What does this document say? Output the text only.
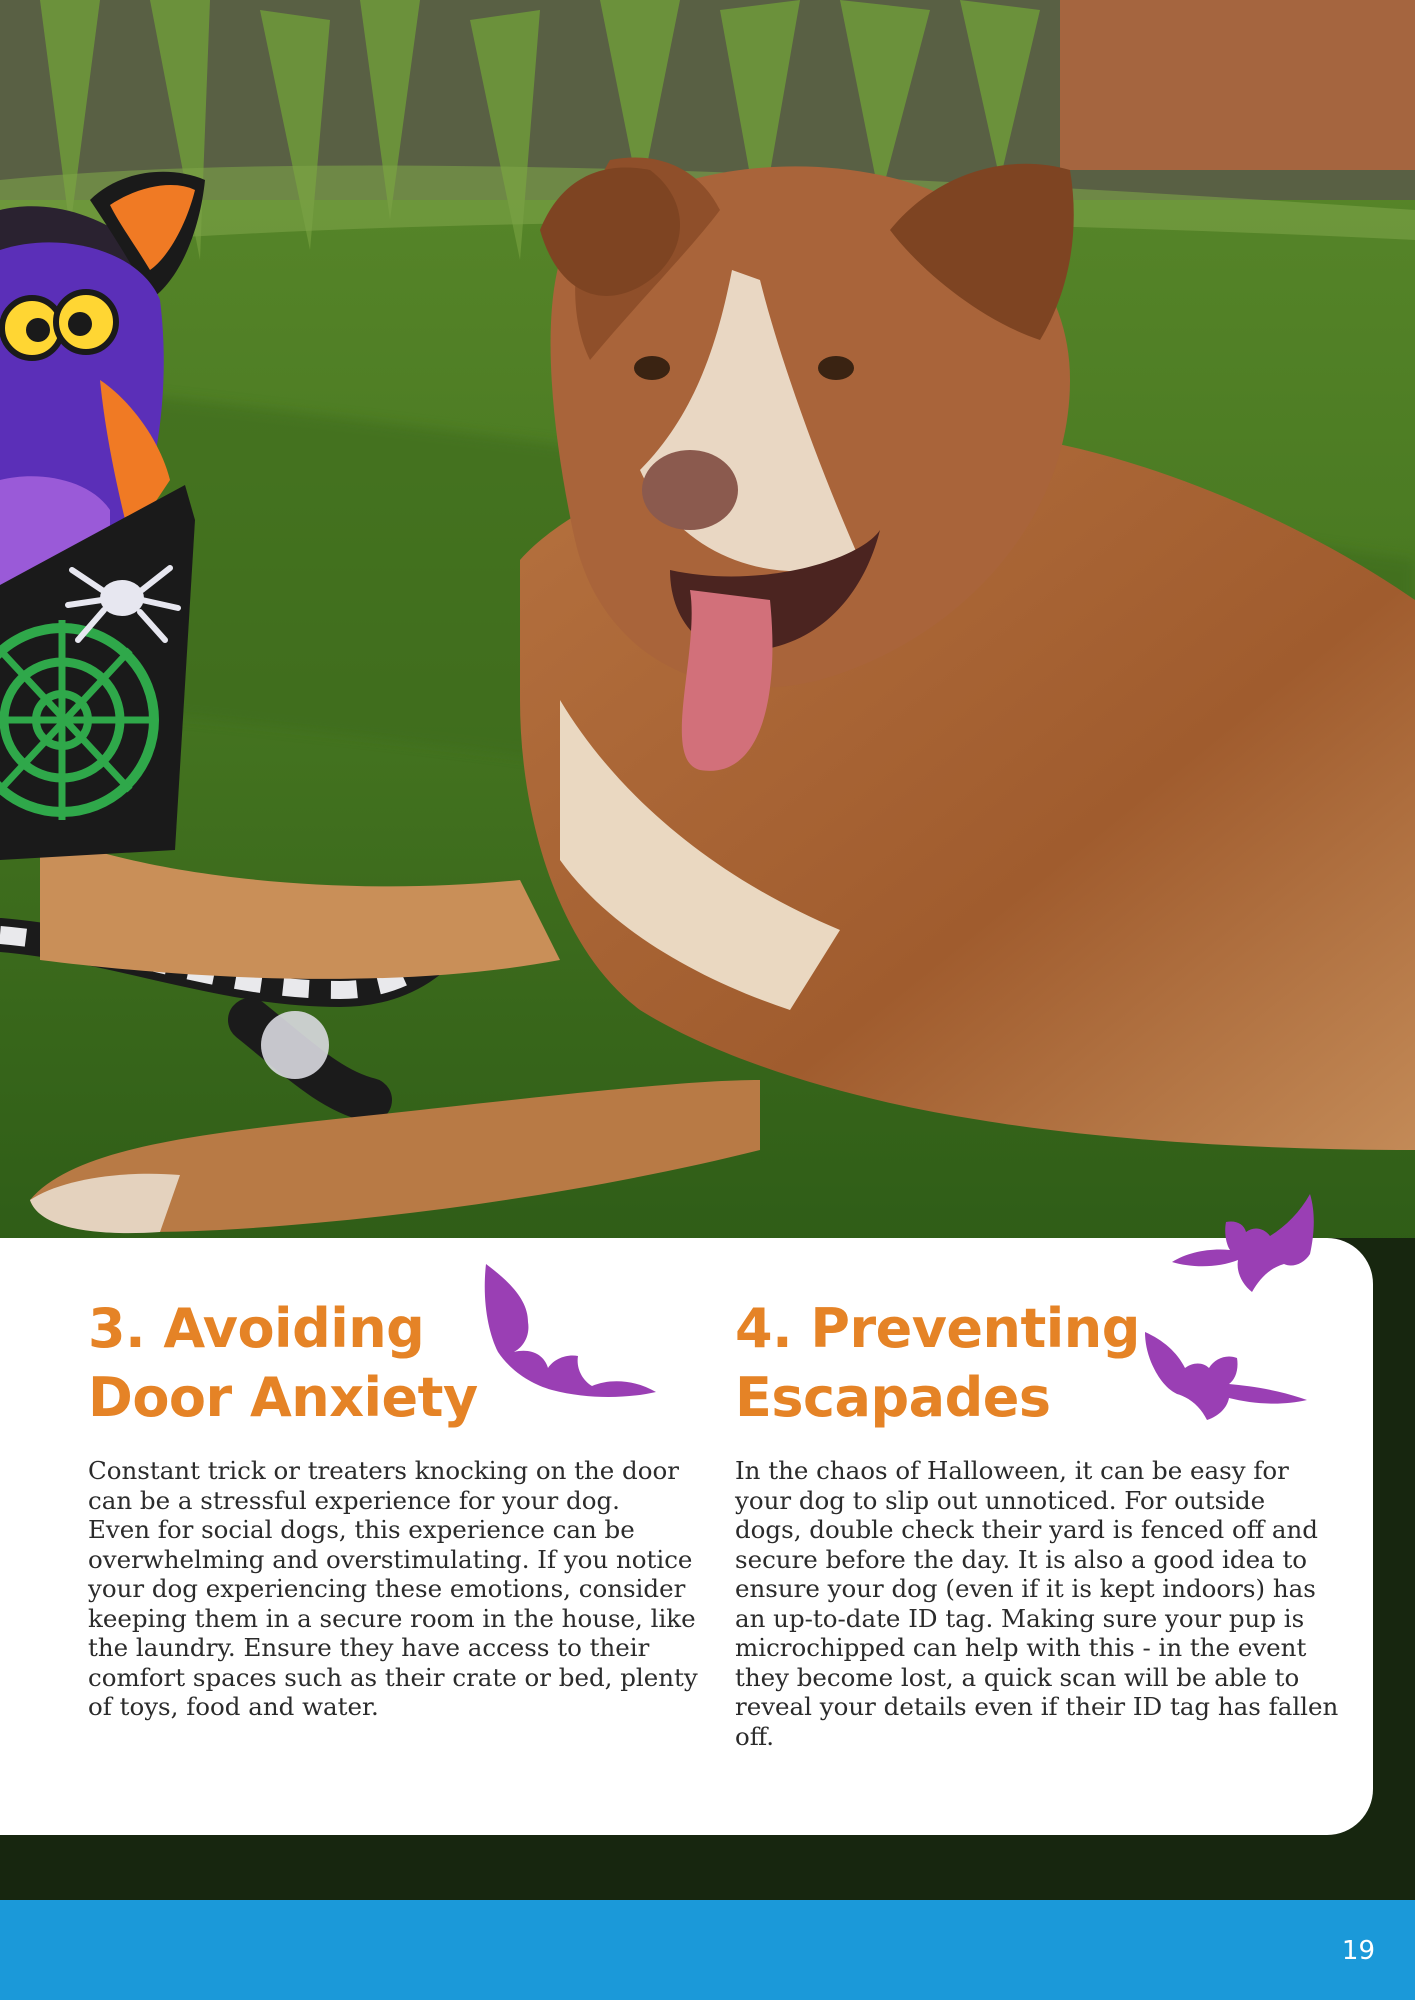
3. Avoiding
Door Anxiety
Constant trick or treaters knocking on the door
can be a stressful experience for your dog.
Even for social dogs, this experience can be
overwhelming and overstimulating. If you notice
your dog experiencing these emotions, consider
keeping them in a secure room in the house, like
the laundry. Ensure they have access to their
comfort spaces such as their crate or bed, plenty
of toys, food and water.
4. Preventing
Escapades
In the chaos of Halloween, it can be easy for
your dog to slip out unnoticed. For outside
dogs, double check their yard is fenced off and
secure before the day. It is also a good idea to
ensure your dog (even if it is kept indoors) has
an up-to-date ID tag. Making sure your pup is
microchipped can help with this - in the event
they become lost, a quick scan will be able to
reveal your details even if their ID tag has fallen
off.
19
